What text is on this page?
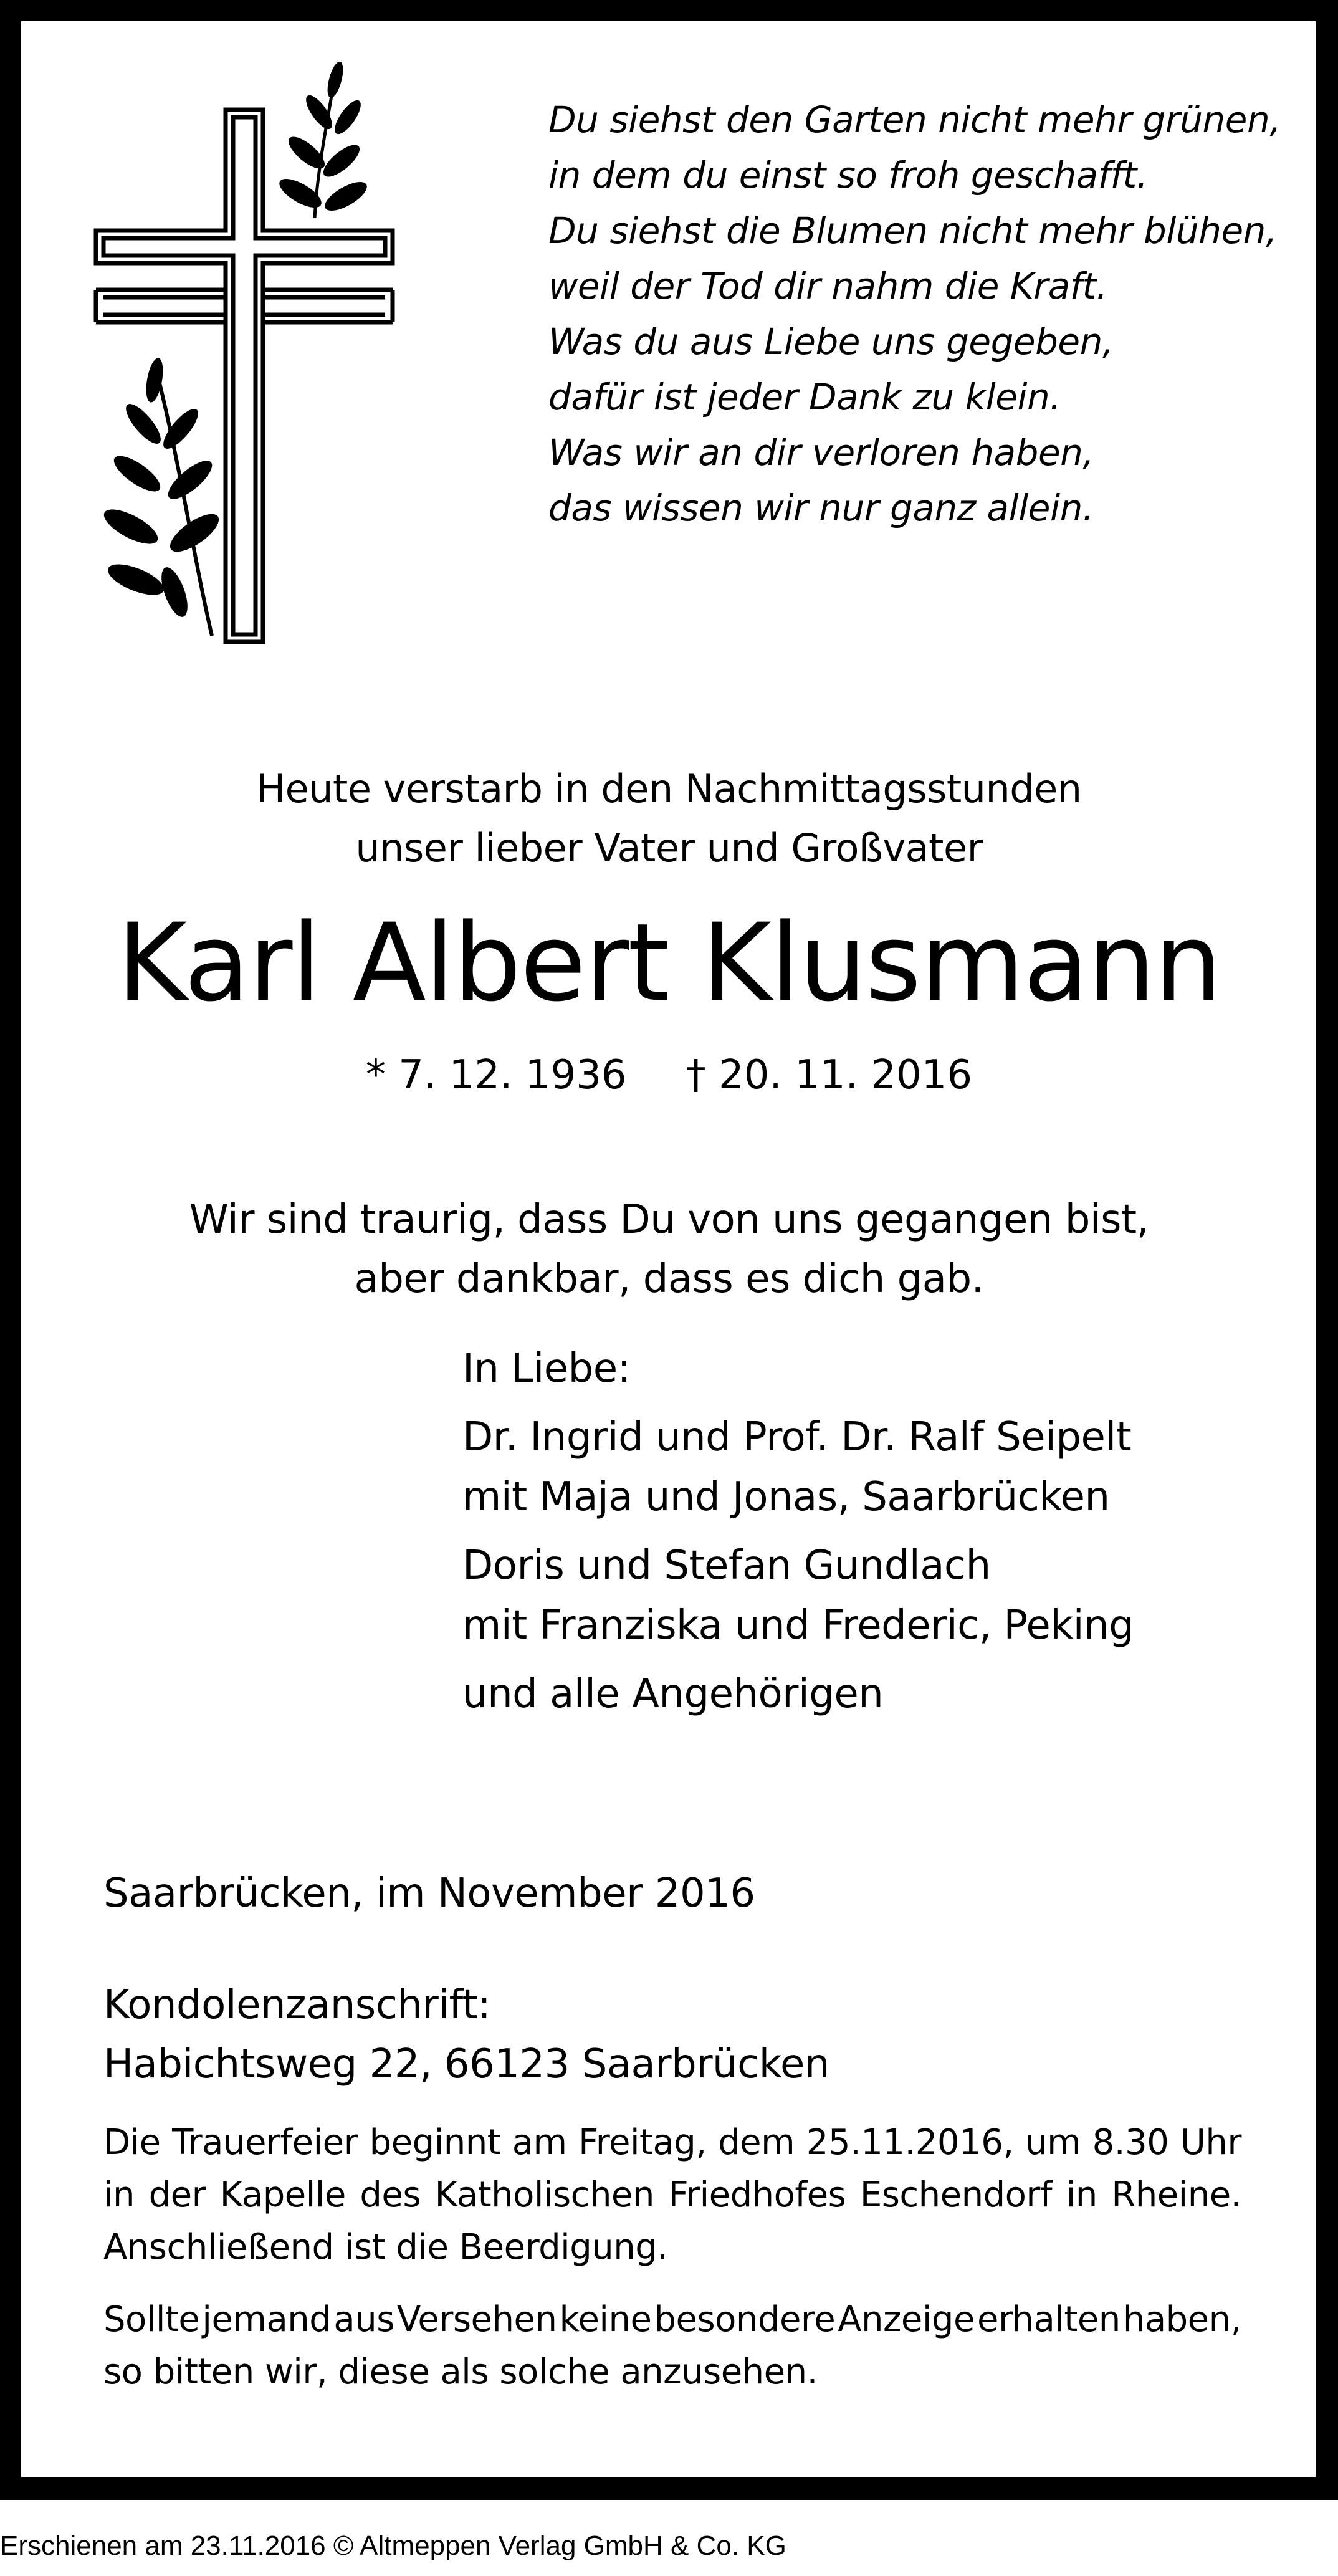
Du siehst den Garten nicht mehr grünen,
in dem du einst so froh geschafft.
Du siehst die Blumen nicht mehr blühen,
weil der Tod dir nahm die Kraft.
Was du aus Liebe uns gegeben,
dafür ist jeder Dank zu klein.
Was wir an dir verloren haben,
das wissen wir nur ganz allein.
Heute verstarb in den Nachmittagsstunden
unser lieber Vater und Großvater
Karl Albert Klusmann
* 7. 12. 1936 † 20. 11. 2016
Wir sind traurig, dass Du von uns gegangen bist,
aber dankbar, dass es dich gab.
In Liebe:
Dr. Ingrid und Prof. Dr. Ralf Seipelt
mit Maja und Jonas, Saarbrücken
Doris und Stefan Gundlach
mit Franziska und Frederic, Peking
und alle Angehörigen
Saarbrücken, im November 2016
Kondolenzanschrift:
Habichtsweg 22, 66123 Saarbrücken
Die Trauerfeier beginnt am Freitag, dem 25.11.2016, um 8.30 Uhr
in der Kapelle des Katholischen Friedhofes Eschendorf in Rheine.
Anschließend ist die Beerdigung.
Sollte jemand aus Versehen keine besondere Anzeige erhalten haben,
so bitten wir, diese als solche anzusehen.
Erschienen am 23.11.2016 © Altmeppen Verlag GmbH & Co. KG
